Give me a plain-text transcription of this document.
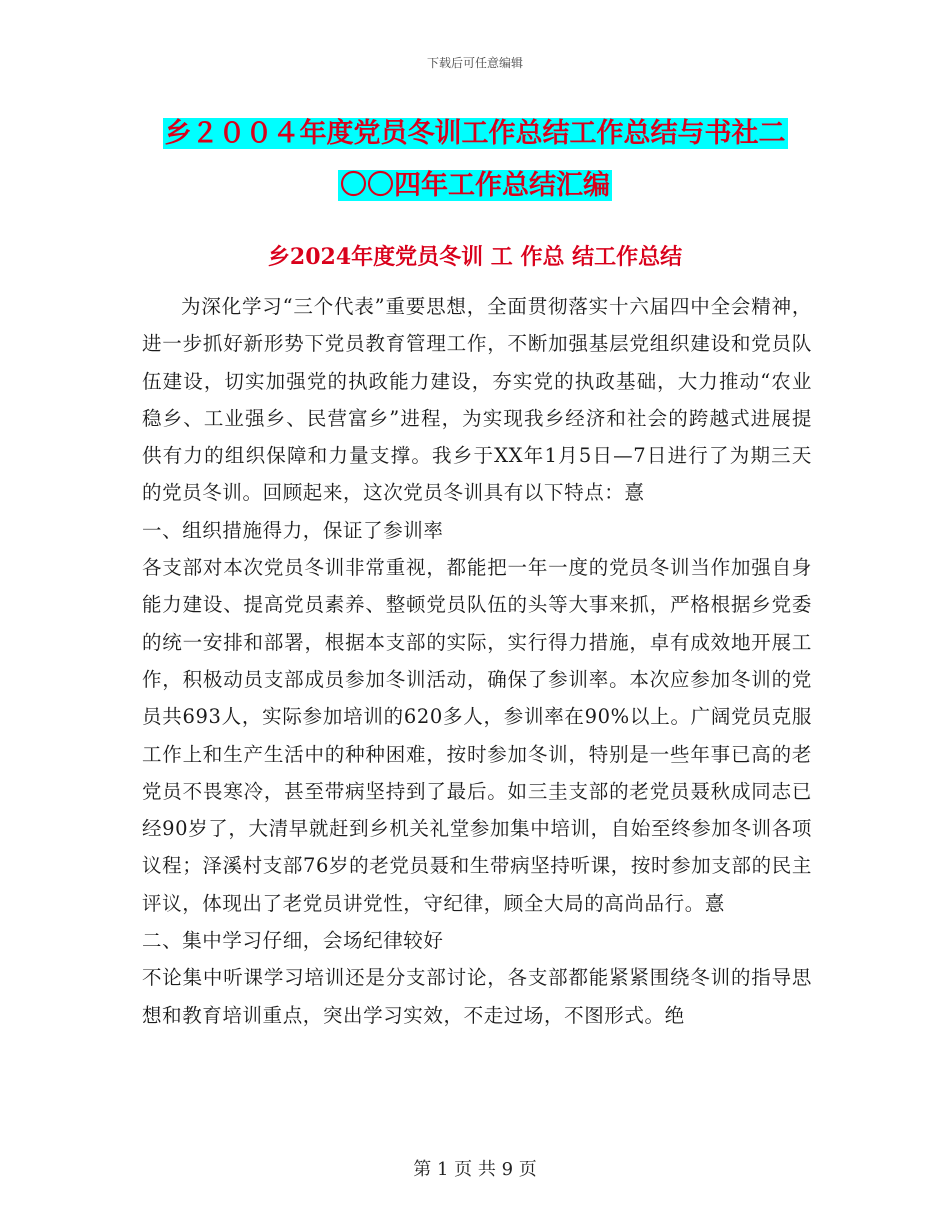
下载后可任意编辑
乡２００４年度党员冬训工作总结工作总结与书社二
〇〇四年工作总结汇编
乡2024年度党员冬训 工 作总 结工作总结

为深化学习“三个代表”重要思想，全面贯彻落实十六届四中全会精神，进一步抓好新形势下党员教育管理工作，不断加强基层党组织建设和党员队伍建设，切实加强党的执政能力建设，夯实党的执政基础，大力推动“农业稳乡、工业强乡、民营富乡”进程，为实现我乡经济和社会的跨越式进展提供有力的组织保障和力量支撑。我乡于XX年1月5日—7日进行了为期三天的党员冬训。回顾起来，这次党员冬训具有以下特点：憙

一、组织措施得力，保证了参训率

各支部对本次党员冬训非常重视，都能把一年一度的党员冬训当作加强自身能力建设、提高党员素养、整顿党员队伍的头等大事来抓，严格根据乡党委的统一安排和部署，根据本支部的实际，实行得力措施，卓有成效地开展工作，积极动员支部成员参加冬训活动，确保了参训率。本次应参加冬训的党员共693人，实际参加培训的620多人，参训率在90%以上。广阔党员克服工作上和生产生活中的种种困难，按时参加冬训，特别是一些年事已高的老党员不畏寒冷，甚至带病坚持到了最后。如三圭支部的老党员聂秋成同志已经90岁了，大清早就赶到乡机关礼堂参加集中培训，自始至终参加冬训各项议程；泽溪村支部76岁的老党员聂和生带病坚持听课，按时参加支部的民主评议，体现出了老党员讲党性，守纪律，顾全大局的高尚品行。憙

二、集中学习仔细，会场纪律较好

不论集中听课学习培训还是分支部讨论，各支部都能紧紧围绕冬训的指导思想和教育培训重点，突出学习实效，不走过场，不图形式。绝

第 1 页 共 9 页
